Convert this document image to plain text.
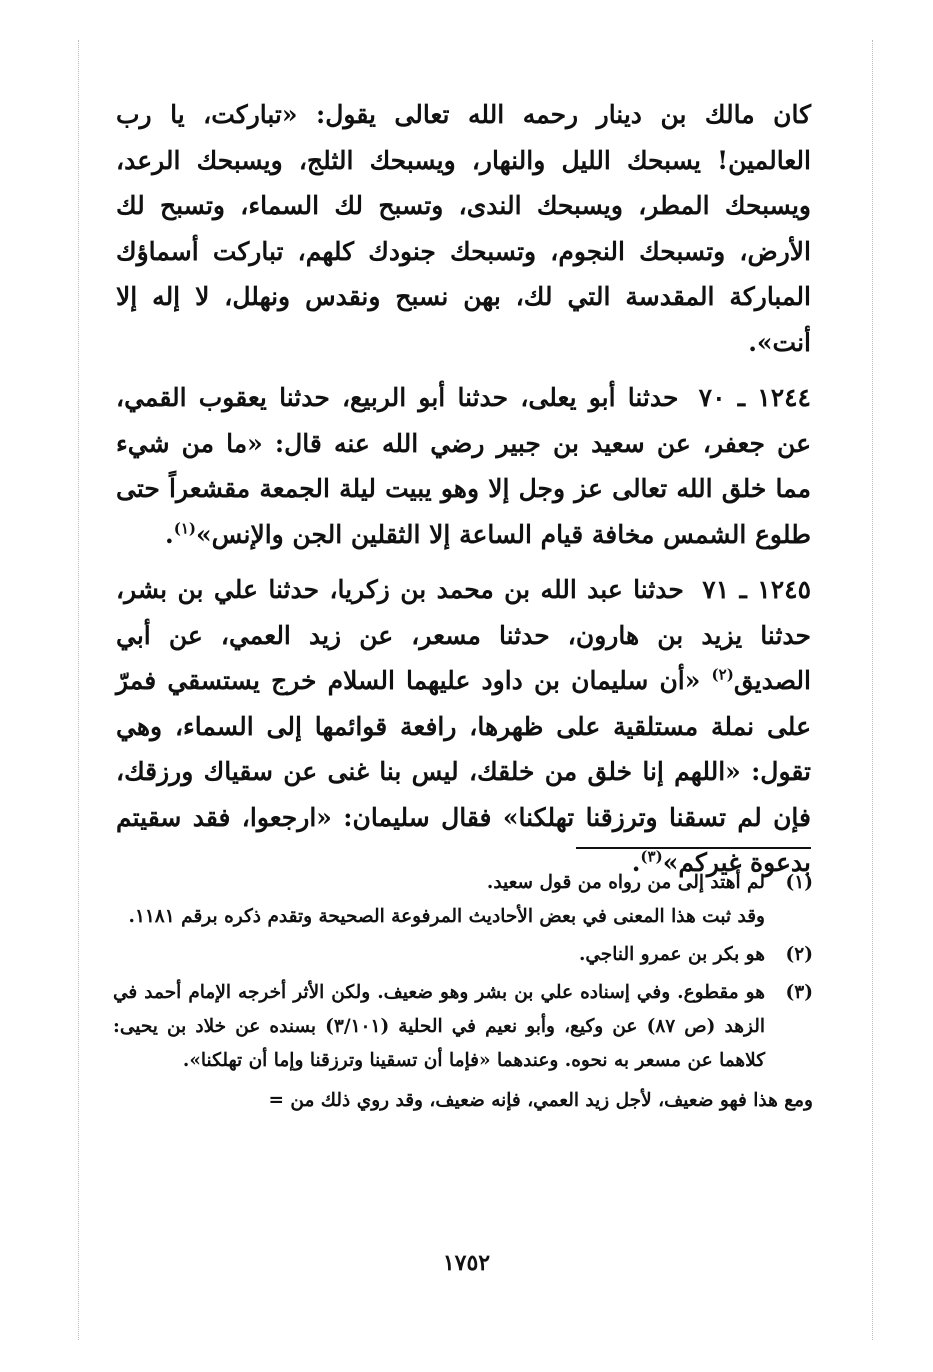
كان مالك بن دينار رحمه الله تعالى يقول: «تباركت، يا رب العالمين! يسبحك الليل والنهار، ويسبحك الثلج، ويسبحك الرعد، ويسبحك المطر، ويسبحك الندى، وتسبح لك السماء، وتسبح لك الأرض، وتسبحك النجوم، وتسبحك جنودك كلهم، تباركت أسماؤك المباركة المقدسة التي لك، بهن نسبح ونقدس ونهلل، لا إله إلا أنت».

١٢٤٤ ـ ٧٠ حدثنا أبو يعلى، حدثنا أبو الربيع، حدثنا يعقوب القمي، عن جعفر، عن سعيد بن جبير رضي الله عنه قال: «ما من شيء مما خلق الله تعالى عز وجل إلا وهو يبيت ليلة الجمعة مقشعراً حتى طلوع الشمس مخافة قيام الساعة إلا الثقلين الجن والإنس»$^{(١)}$.

١٢٤٥ ـ ٧١ حدثنا عبد الله بن محمد بن زكريا، حدثنا علي بن بشر، حدثنا يزيد بن هارون، حدثنا مسعر، عن زيد العمي، عن أبي الصديق$^{(٢)}$ «أن سليمان بن داود عليهما السلام خرج يستسقي فمرّ على نملة مستلقية على ظهرها، رافعة قوائمها إلى السماء، وهي تقول: «اللهم إنا خلق من خلقك، ليس بنا غنى عن سقياك ورزقك، فإن لم تسقنا وترزقنا تهلكنا» فقال سليمان: «ارجعوا، فقد سقيتم بدعوة غيركم»$^{(٣)}$.

(١)
لم أهتد إلى من رواه من قول سعيد.
وقد ثبت هذا المعنى في بعض الأحاديث المرفوعة الصحيحة وتقدم ذكره برقم ١١٨١.
(٢)
هو بكر بن عمرو الناجي.
(٣)
هو مقطوع. وفي إسناده علي بن بشر وهو ضعيف. ولكن الأثر أخرجه الإمام أحمد في الزهد (ص ٨٧) عن وكيع، وأبو نعيم في الحلية (٣/١٠١) بسنده عن خلاد بن يحيى: كلاهما عن مسعر به نحوه. وعندهما «فإما أن تسقينا وترزقنا وإما أن تهلكنا».
ومع هذا فهو ضعيف، لأجل زيد العمي، فإنه ضعيف، وقد روي ذلك من =
١٧٥٢
